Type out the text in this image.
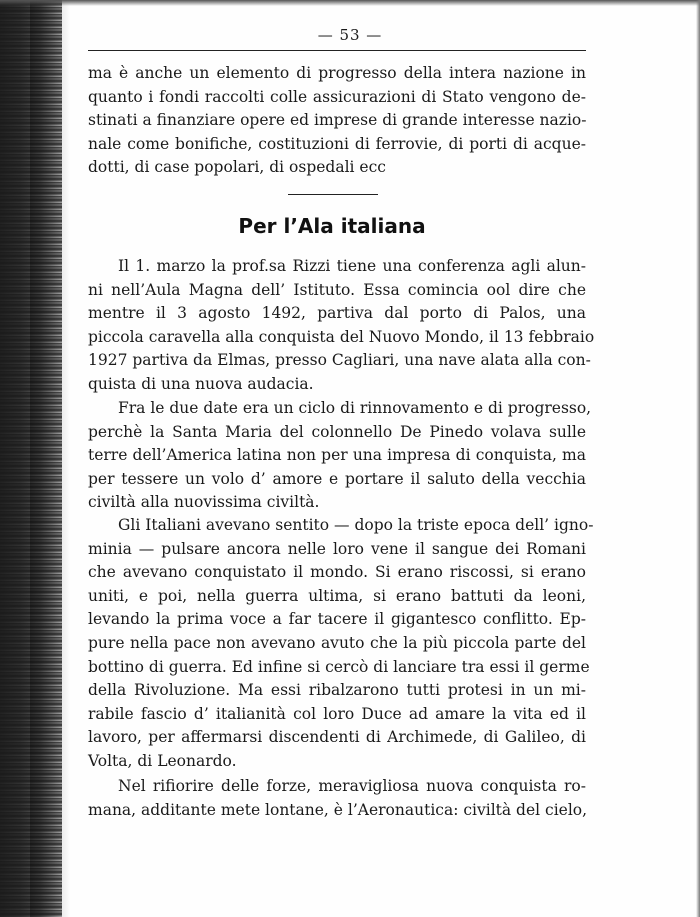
— 53 —
ma è anche un elemento di progresso della intera nazione in
quanto i fondi raccolti colle assicurazioni di Stato vengono de-
stinati a finanziare opere ed imprese di grande interesse nazio-
nale come bonifiche, costituzioni di ferrovie, di porti di acque-
dotti, di case popolari, di ospedali ecc
Per l’Ala italiana
Il 1. marzo la prof.sa Rizzi tiene una conferenza agli alun-
ni nell’Aula Magna dell’ Istituto. Essa comincia ool dire che
mentre il 3 agosto 1492, partiva dal porto di Palos, una
piccola caravella alla conquista del Nuovo Mondo, il 13 febbraio
1927 partiva da Elmas, presso Cagliari, una nave alata alla con-
quista di una nuova audacia.
Fra le due date era un ciclo di rinnovamento e di progresso,
perchè la Santa Maria del colonnello De Pinedo volava sulle
terre dell’America latina non per una impresa di conquista, ma
per tessere un volo d’ amore e portare il saluto della vecchia
civiltà alla nuovissima civiltà.
Gli Italiani avevano sentito — dopo la triste epoca dell’ igno-
minia — pulsare ancora nelle loro vene il sangue dei Romani
che avevano conquistato il mondo. Si erano riscossi, si erano
uniti, e poi, nella guerra ultima, si erano battuti da leoni,
levando la prima voce a far tacere il gigantesco conflitto. Ep-
pure nella pace non avevano avuto che la più piccola parte del
bottino di guerra. Ed infine si cercò di lanciare tra essi il germe
della Rivoluzione. Ma essi ribalzarono tutti protesi in un mi-
rabile fascio d’ italianità col loro Duce ad amare la vita ed il
lavoro, per affermarsi discendenti di Archimede, di Galileo, di
Volta, di Leonardo.
Nel rifiorire delle forze, meravigliosa nuova conquista ro-
mana, additante mete lontane, è l’Aeronautica: civiltà del cielo,
